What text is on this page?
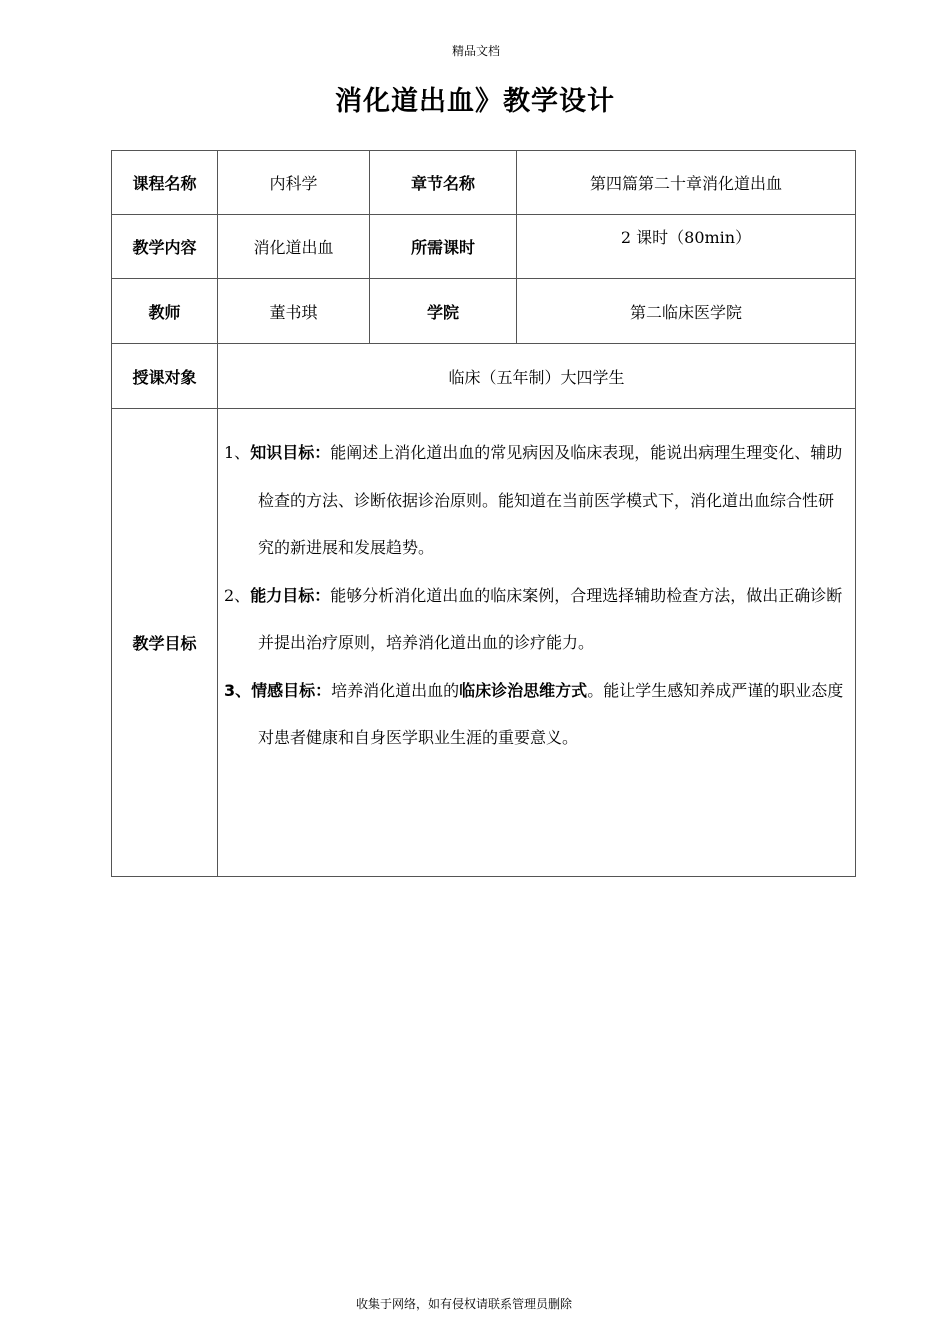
精品文档
消化道出血》教学设计
课程名称	内科学	章节名称	第四篇第二十章消化道出血
教学内容	消化道出血	所需课时	2 课时（80min）
教师	董书琪	学院	第二临床医学院
授课对象	临床（五年制）大四学生		
教学目标	1、知识目标：能阐述上消化道出血的常见病因及临床表现，能说出病理生理变化、辅助检查的方法、诊断依据诊治原则。能知道在当前医学模式下，消化道出血综合性研究的新进展和发展趋势。

2、能力目标：能够分析消化道出血的临床案例，合理选择辅助检查方法，做出正确诊断并提出治疗原则，培养消化道出血的诊疗能力。

3、情感目标：培养消化道出血的临床诊治思维方式。能让学生感知养成严谨的职业态度对患者健康和自身医学职业生涯的重要意义。		

收集于网络，如有侵权请联系管理员删除
